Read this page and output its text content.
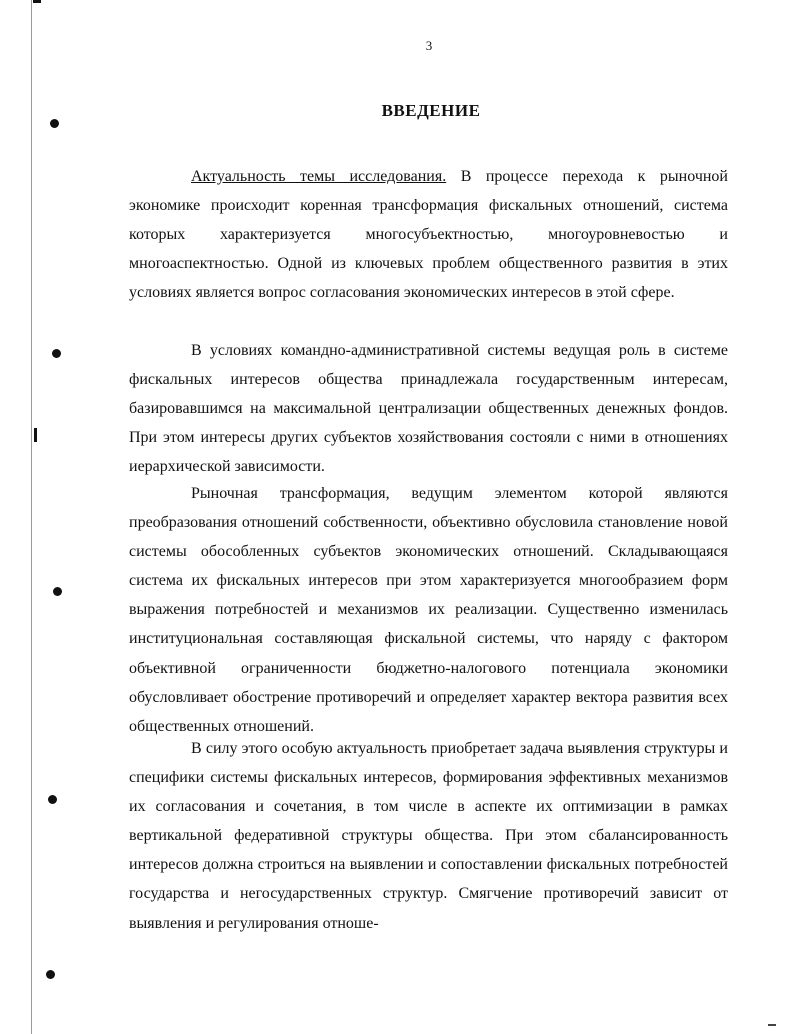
3
ВВЕДЕНИЕ

Актуальность темы исследования. В процессе перехода к рыночной экономике происходит коренная трансформация фискальных отношений, система которых характеризуется многосубъектностью, многоуровневостью и многоаспектностью. Одной из ключевых проблем общественного развития в этих условиях является вопрос согласования экономических интересов в этой сфере.

В условиях командно-административной системы ведущая роль в системе фискальных интересов общества принадлежала государственным интересам, базировавшимся на максимальной централизации общественных денежных фондов. При этом интересы других субъектов хозяйствования состояли с ними в отношениях иерархической зависимости.

Рыночная трансформация, ведущим элементом которой являются преобразования отношений собственности, объективно обусловила становление новой системы обособленных субъектов экономических отношений. Складывающаяся система их фискальных интересов при этом характеризуется многообразием форм выражения потребностей и механизмов их реализации. Существенно изменилась институциональная составляющая фискальной системы, что наряду с фактором объективной ограниченности бюджетно-налогового потенциала экономики обусловливает обострение противоречий и определяет характер вектора развития всех общественных отношений.

В силу этого особую актуальность приобретает задача выявления структуры и специфики системы фискальных интересов, формирования эффективных механизмов их согласования и сочетания, в том числе в аспекте их оптимизации в рамках вертикальной федеративной структуры общества. При этом сбалансированность интересов должна строиться на выявлении и сопоставлении фискальных потребностей государства и негосударственных структур. Смягчение противоречий зависит от выявления и регулирования отноше-
